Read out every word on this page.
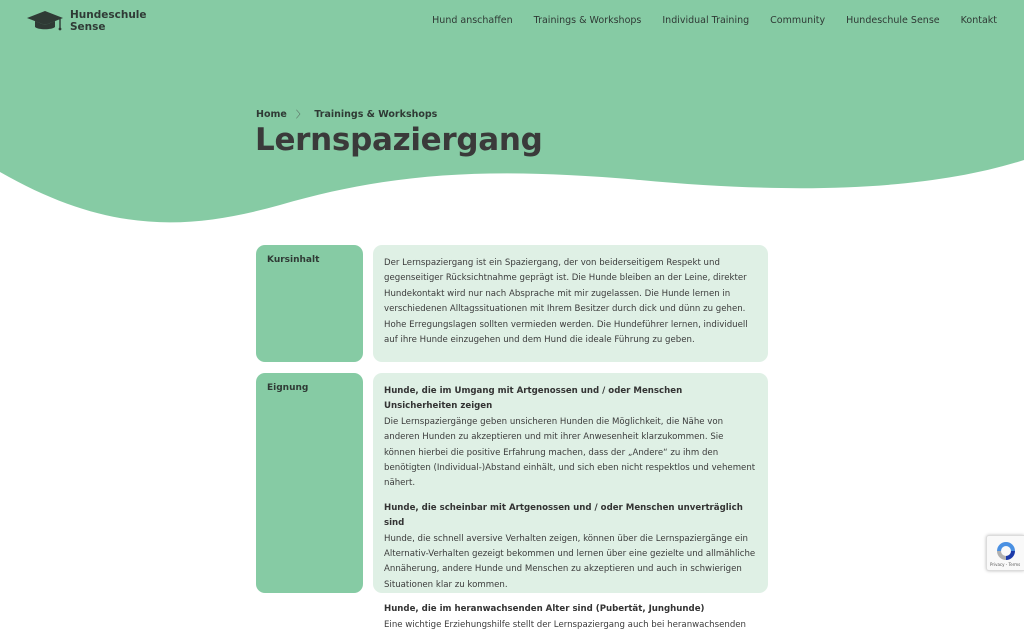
Hundeschule
Sense
Hund anschaffen Trainings & Workshops Individual Training Community Hundeschule Sense Kontakt
Home 〉 Trainings & Workshops
Lernspaziergang
Kursinhalt	Der Lernspaziergang ist ein Spaziergang, der von beiderseitigem Respekt und gegenseitiger Rücksichtnahme geprägt ist. Die Hunde bleiben an der Leine, direkter Hundekontakt wird nur nach Absprache mit mir zugelassen. Die Hunde lernen in verschiedenen Alltagssituationen mit Ihrem Besitzer durch dick und dünn zu gehen. Hohe Erregungslagen sollten vermieden werden. Die Hundeführer lernen, individuell auf ihre Hunde einzugehen und dem Hund die ideale Führung zu geben.

Eignung	Hunde, die im Umgang mit Artgenossen und / oder Menschen Unsicherheiten zeigen

Die Lernspaziergänge geben unsicheren Hunden die Möglichkeit, die Nähe von anderen Hunden zu akzeptieren und mit ihrer Anwesenheit klarzukommen. Sie können hierbei die positive Erfahrung machen, dass der „Andere“ zu ihm den benötigten (Individual-)Abstand einhält, und sich eben nicht respektlos und vehement nähert.

Hunde, die scheinbar mit Artgenossen und / oder Menschen unverträglich sind

Hunde, die schnell aversive Verhalten zeigen, können über die Lernspaziergänge ein Alternativ-Verhalten gezeigt bekommen und lernen über eine gezielte und allmähliche Annäherung, andere Hunde und Menschen zu akzeptieren und auch in schwierigen Situationen klar zu kommen.

Hunde, die im heranwachsenden Alter sind (Pubertät, Junghunde)

Eine wichtige Erziehungshilfe stellt der Lernspaziergang auch bei heranwachsenden

Privacy - Terms
